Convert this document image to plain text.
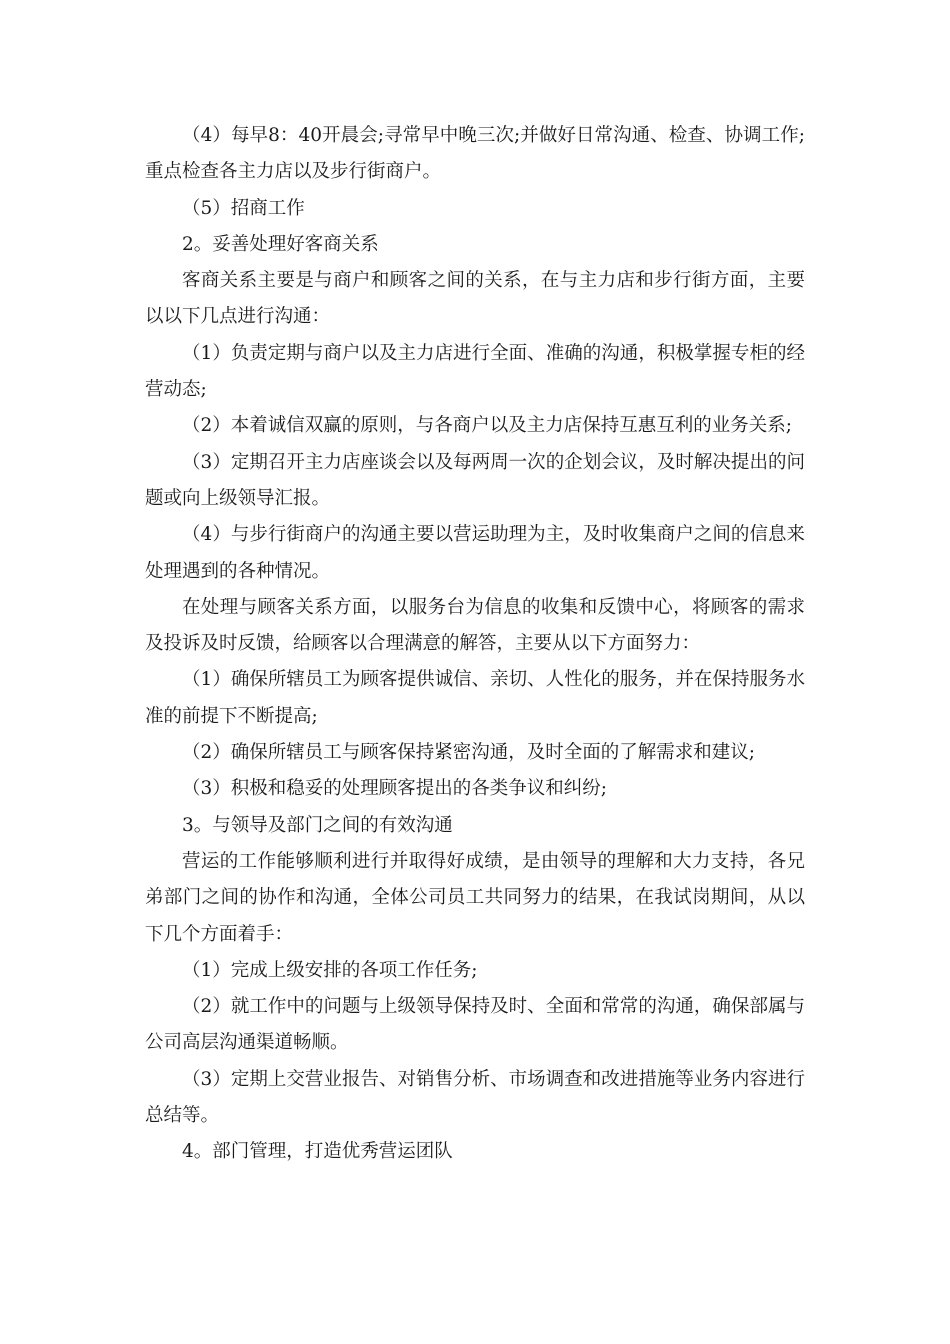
（4）每早8：40开晨会;寻常早中晚三次;并做好日常沟通、检查、协调工作;重点检查各主力店以及步行街商户。

（5）招商工作

2。妥善处理好客商关系

客商关系主要是与商户和顾客之间的关系，在与主力店和步行街方面，主要以以下几点进行沟通：

（1）负责定期与商户以及主力店进行全面、准确的沟通，积极掌握专柜的经营动态;

（2）本着诚信双赢的原则，与各商户以及主力店保持互惠互利的业务关系;

（3）定期召开主力店座谈会以及每两周一次的企划会议，及时解决提出的问题或向上级领导汇报。

（4）与步行街商户的沟通主要以营运助理为主，及时收集商户之间的信息来处理遇到的各种情况。

在处理与顾客关系方面，以服务台为信息的收集和反馈中心，将顾客的需求及投诉及时反馈，给顾客以合理满意的解答，主要从以下方面努力：

（1）确保所辖员工为顾客提供诚信、亲切、人性化的服务，并在保持服务水准的前提下不断提高;

（2）确保所辖员工与顾客保持紧密沟通，及时全面的了解需求和建议;

（3）积极和稳妥的处理顾客提出的各类争议和纠纷;

3。与领导及部门之间的有效沟通

营运的工作能够顺利进行并取得好成绩，是由领导的理解和大力支持，各兄弟部门之间的协作和沟通，全体公司员工共同努力的结果，在我试岗期间，从以下几个方面着手：

（1）完成上级安排的各项工作任务;

（2）就工作中的问题与上级领导保持及时、全面和常常的沟通，确保部属与公司高层沟通渠道畅顺。

（3）定期上交营业报告、对销售分析、市场调查和改进措施等业务内容进行总结等。

4。部门管理，打造优秀营运团队
